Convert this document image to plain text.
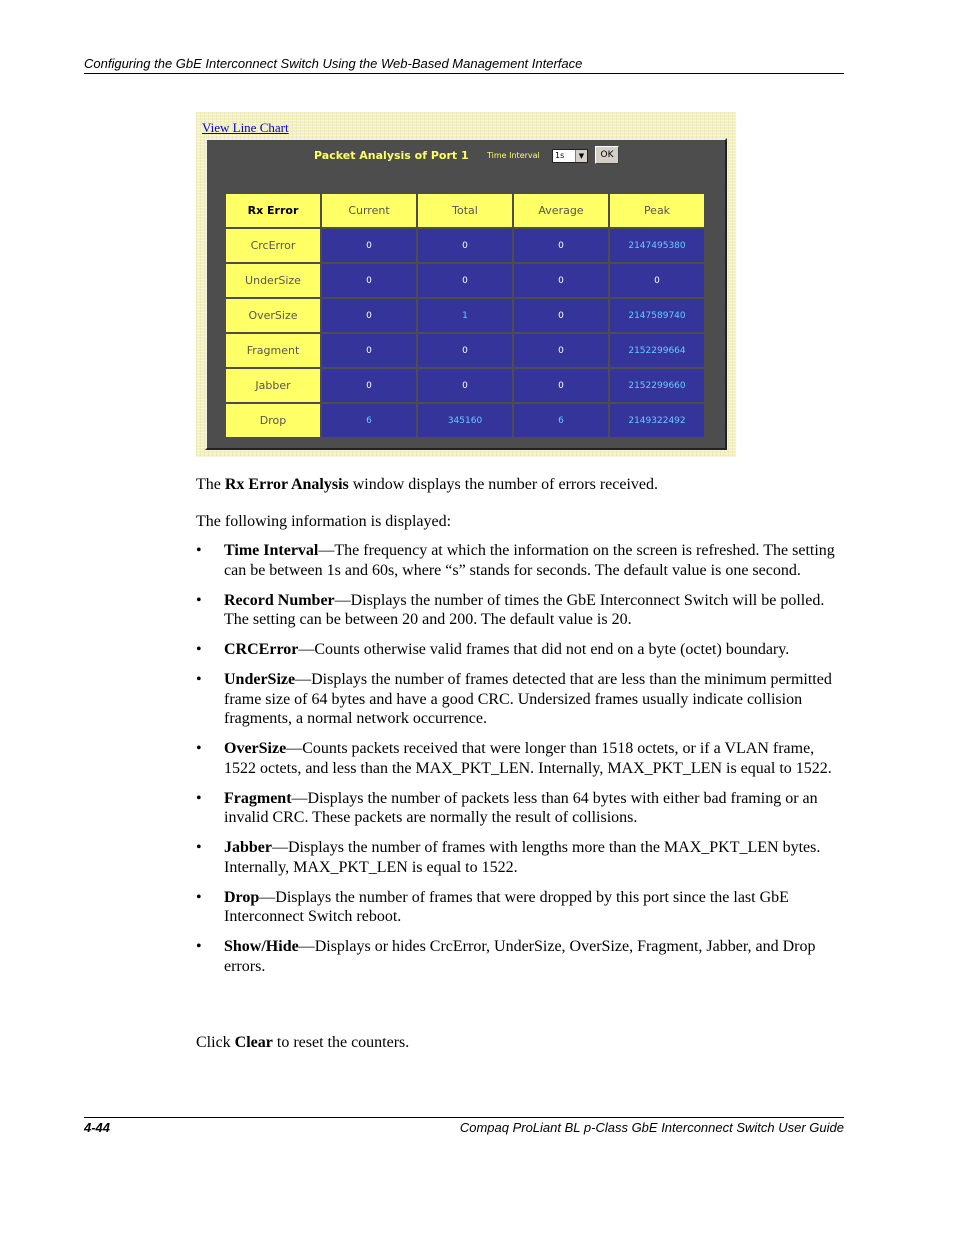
Configuring the GbE Interconnect Switch Using the Web-Based Management Interface
View Line Chart
Packet Analysis of Port 1 Time Interval	1s	▼	OK
Rx Error	Current	Total	Average	Peak
CrcError	0	0	0	2147495380
UnderSize	0	0	0	0
OverSize	0	1	0	2147589740
Fragment	0	0	0	2152299664
Jabber	0	0	0	2152299660
Drop	6	345160	6	2149322492

The Rx Error Analysis window displays the number of errors received.

The following information is displayed:

• Time Interval—The frequency at which the information on the screen is refreshed. The setting can be between 1s and 60s, where “s” stands for seconds. The default value is one second.
• Record Number—Displays the number of times the GbE Interconnect Switch will be polled. The setting can be between 20 and 200. The default value is 20.
• CRCError—Counts otherwise valid frames that did not end on a byte (octet) boundary.
• UnderSize—Displays the number of frames detected that are less than the minimum permitted frame size of 64 bytes and have a good CRC. Undersized frames usually indicate collision fragments, a normal network occurrence.
• OverSize—Counts packets received that were longer than 1518 octets, or if a VLAN frame, 1522 octets, and less than the MAX_PKT_LEN. Internally, MAX_PKT_LEN is equal to 1522.
• Fragment—Displays the number of packets less than 64 bytes with either bad framing or an invalid CRC. These packets are normally the result of collisions.
• Jabber—Displays the number of frames with lengths more than the MAX_PKT_LEN bytes. Internally, MAX_PKT_LEN is equal to 1522.
• Drop—Displays the number of frames that were dropped by this port since the last GbE Interconnect Switch reboot.
• Show/Hide—Displays or hides CrcError, UnderSize, OverSize, Fragment, Jabber, and Drop errors.

Click Clear to reset the counters.

4-44	Compaq ProLiant BL p-Class GbE Interconnect Switch User Guide
